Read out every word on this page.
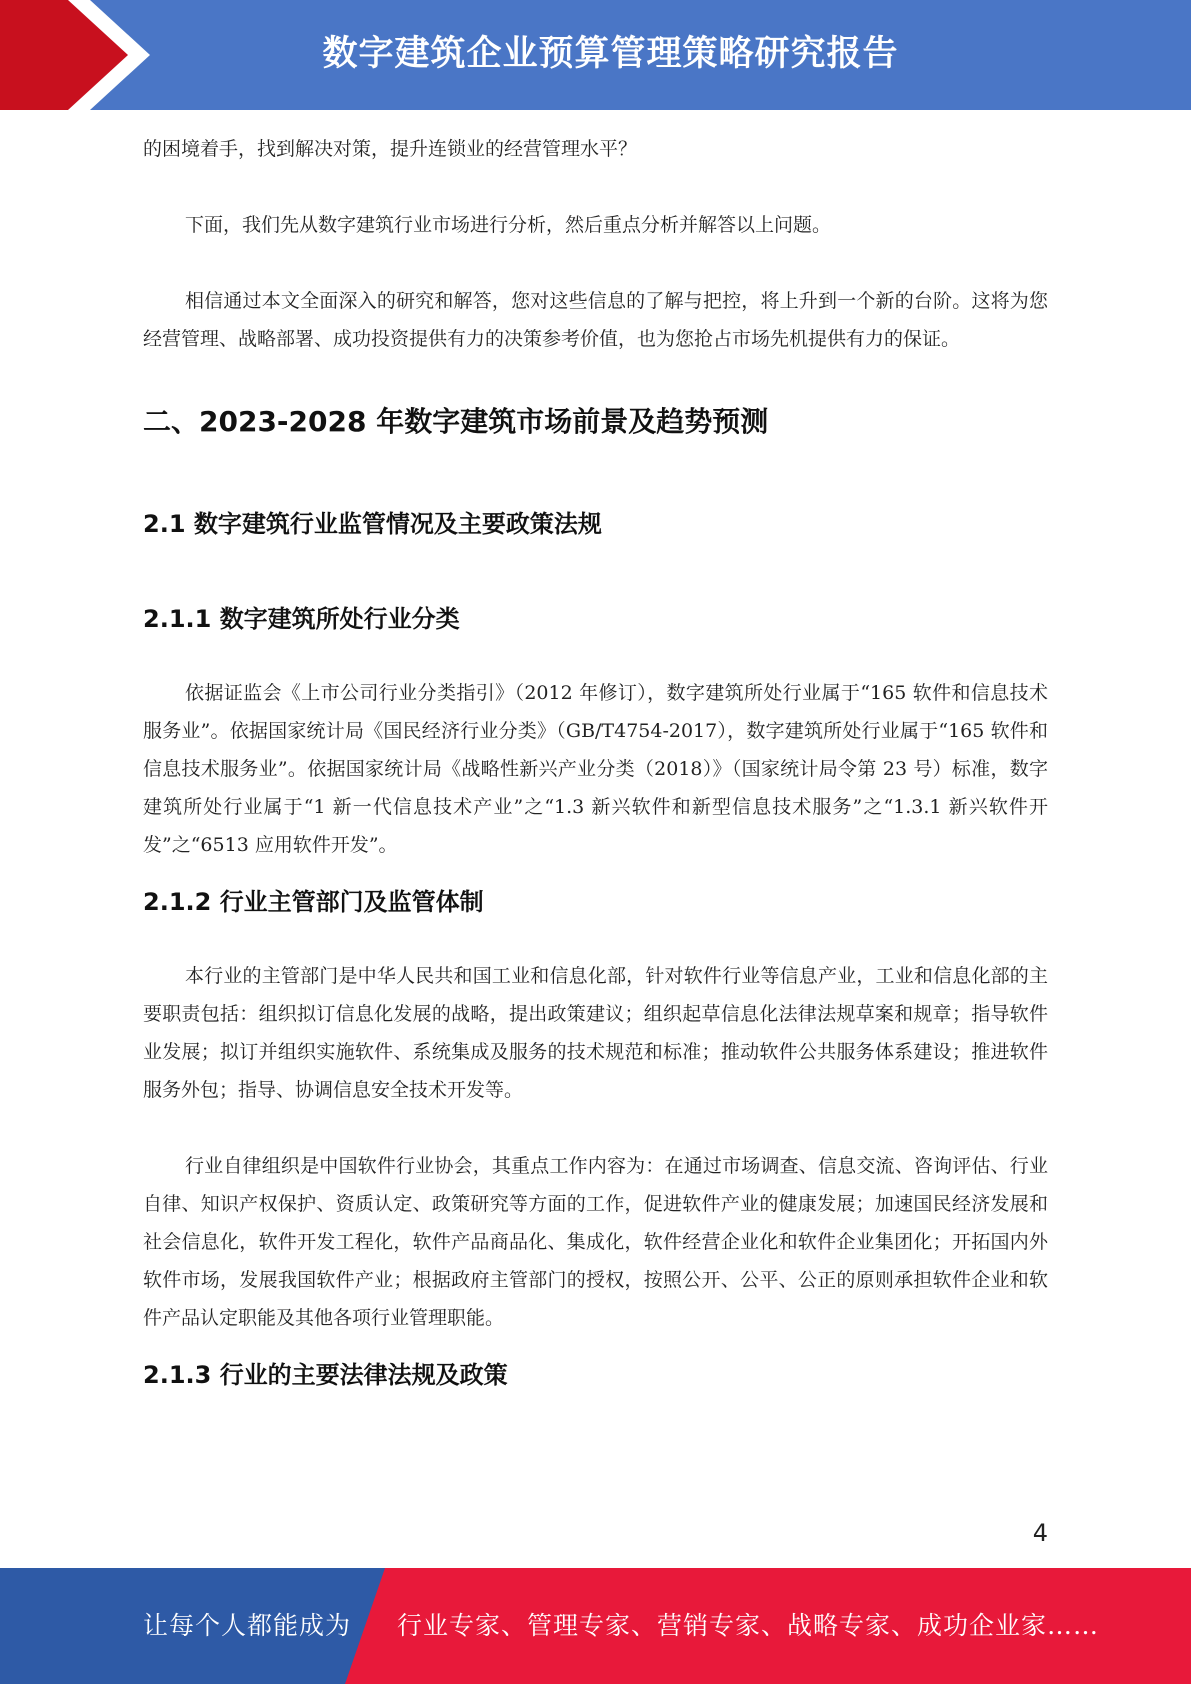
数字建筑企业预算管理策略研究报告

的困境着手，找到解决对策，提升连锁业的经营管理水平？

下面，我们先从数字建筑行业市场进行分析，然后重点分析并解答以上问题。

相信通过本文全面深入的研究和解答，您对这些信息的了解与把控，将上升到一个新的台阶。这将为您经营管理、战略部署、成功投资提供有力的决策参考价值，也为您抢占市场先机提供有力的保证。

二、2023-2028 年数字建筑市场前景及趋势预测
2.1 数字建筑行业监管情况及主要政策法规
2.1.1 数字建筑所处行业分类

依据证监会《上市公司行业分类指引》（2012 年修订），数字建筑所处行业属于“165 软件和信息技术服务业”。依据国家统计局《国民经济行业分类》（GB/T4754-2017），数字建筑所处行业属于“165 软件和信息技术服务业”。依据国家统计局《战略性新兴产业分类（2018）》（国家统计局令第 23 号）标准，数字建筑所处行业属于“1 新一代信息技术产业”之“1.3 新兴软件和新型信息技术服务”之“1.3.1 新兴软件开发”之“6513 应用软件开发”。

2.1.2 行业主管部门及监管体制

本行业的主管部门是中华人民共和国工业和信息化部，针对软件行业等信息产业，工业和信息化部的主要职责包括：组织拟订信息化发展的战略，提出政策建议；组织起草信息化法律法规草案和规章；指导软件业发展；拟订并组织实施软件、系统集成及服务的技术规范和标准；推动软件公共服务体系建设；推进软件服务外包；指导、协调信息安全技术开发等。

行业自律组织是中国软件行业协会，其重点工作内容为：在通过市场调查、信息交流、咨询评估、行业自律、知识产权保护、资质认定、政策研究等方面的工作，促进软件产业的健康发展；加速国民经济发展和社会信息化，软件开发工程化，软件产品商品化、集成化，软件经营企业化和软件企业集团化；开拓国内外软件市场，发展我国软件产业；根据政府主管部门的授权，按照公开、公平、公正的原则承担软件企业和软件产品认定职能及其他各项行业管理职能。

2.1.3 行业的主要法律法规及政策
4
让每个人都能成为 行业专家、管理专家、营销专家、战略专家、成功企业家……
